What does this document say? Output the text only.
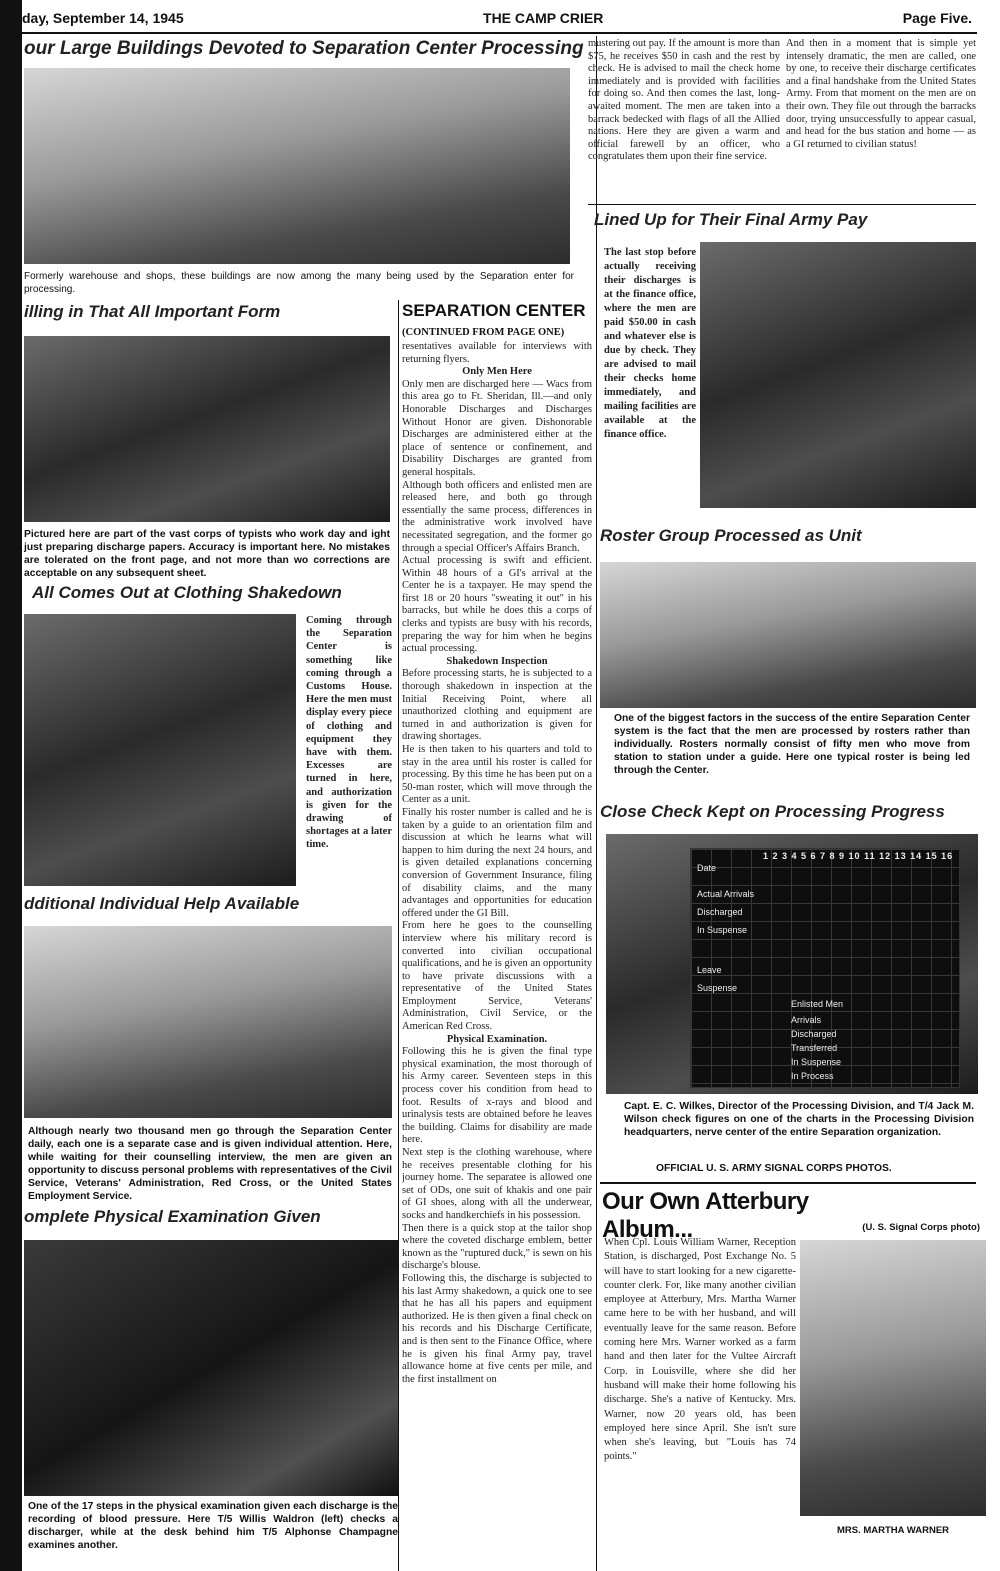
day, September 14, 1945	THE CAMP CRIER	Page Five.
our Large Buildings Devoted to Separation Center Processing
Formerly warehouse and shops, these buildings are now among the many being used by the Separation enter for processing.
illing in That All Important Form
Pictured here are part of the vast corps of typists who work day and ight just preparing discharge papers. Accuracy is important here. No mistakes are tolerated on the front page, and not more than wo corrections are acceptable on any subsequent sheet.
All Comes Out at Clothing Shakedown
Coming through the Separation Center is something like coming through a Customs House. Here the men must display every piece of clothing and equipment they have with them. Excesses are turned in here, and authorization is given for the drawing of shortages at a later time.
dditional Individual Help Available
Although nearly two thousand men go through the Separation Center daily, each one is a separate case and is given individual attention. Here, while waiting for their counselling interview, the men are given an opportunity to discuss personal problems with representatives of the Civil Service, Veterans' Administration, Red Cross, or the United States Employment Service.
omplete Physical Examination Given
One of the 17 steps in the physical examination given each discharge is the recording of blood pressure. Here T/5 Willis Waldron (left) checks a discharger, while at the desk behind him T/5 Alphonse Champagne examines another.
SEPARATION CENTER
(CONTINUED FROM PAGE ONE)

resentatives available for interviews with returning flyers.

Only Men Here

Only men are discharged here — Wacs from this area go to Ft. Sheridan, Ill.—and only Honorable Discharges and Discharges Without Honor are given. Dishonorable Discharges are administered either at the place of sentence or confinement, and Disability Discharges are granted from general hospitals.

Although both officers and enlisted men are released here, and both go through essentially the same process, differences in the administrative work involved have necessitated segregation, and the former go through a special Officer's Affairs Branch.

Actual processing is swift and efficient. Within 48 hours of a GI's arrival at the Center he is a taxpayer. He may spend the first 18 or 20 hours "sweating it out" in his barracks, but while he does this a corps of clerks and typists are busy with his records, preparing the way for him when he begins actual processing.

Shakedown Inspection

Before processing starts, he is subjected to a thorough shakedown in inspection at the Initial Receiving Point, where all unauthorized clothing and equipment are turned in and authorization is given for drawing shortages.

He is then taken to his quarters and told to stay in the area until his roster is called for processing. By this time he has been put on a 50-man roster, which will move through the Center as a unit.

Finally his roster number is called and he is taken by a guide to an orientation film and discussion at which he learns what will happen to him during the next 24 hours, and is given detailed explanations concerning conversion of Government Insurance, filing of disability claims, and the many advantages and opportunities for education offered under the GI Bill.

From here he goes to the counselling interview where his military record is converted into civilian occupational qualifications, and he is given an opportunity to have private discussions with a representative of the United States Employment Service, Veterans' Administration, Civil Service, or the American Red Cross.

Physical Examination.

Following this he is given the final type physical examination, the most thorough of his Army career. Seventeen steps in this process cover his condition from head to foot. Results of x-rays and blood and urinalysis tests are obtained before he leaves the building. Claims for disability are made here.

Next step is the clothing warehouse, where he receives presentable clothing for his journey home. The separatee is allowed one set of ODs, one suit of khakis and one pair of GI shoes, along with all the underwear, socks and handkerchiefs in his possession.

Then there is a quick stop at the tailor shop where the coveted discharge emblem, better known as the "ruptured duck," is sewn on his discharge's blouse.

Following this, the discharge is subjected to his last Army shakedown, a quick one to see that he has all his papers and equipment authorized. He is then given a final check on his records and his Discharge Certificate, and is then sent to the Finance Office, where he is given his final Army pay, travel allowance home at five cents per mile, and the first installment on

mustering out pay. If the amount is more than $75, he receives $50 in cash and the rest by check. He is advised to mail the check home immediately and is provided with facilities for doing so. And then comes the last, long-awaited moment. The men are taken into a barrack bedecked with flags of all the Allied nations. Here they are given a warm and official farewell by an officer, who congratulates them upon their fine service.
And then in a moment that is simple yet intensely dramatic, the men are called, one by one, to receive their discharge certificates and a final handshake from the United States Army. From that moment on the men are on their own. They file out through the barracks door, trying unsuccessfully to appear casual, and head for the bus station and home — as a GI returned to civilian status!
Lined Up for Their Final Army Pay
The last stop before actually receiving their discharges is at the finance office, where the men are paid $50.00 in cash and whatever else is due by check. They are advised to mail their checks home immediately, and mailing facilities are available at the finance office.
Roster Group Processed as Unit
One of the biggest factors in the success of the entire Separation Center system is the fact that the men are processed by rosters rather than individually. Rosters normally consist of fifty men who move from station to station under a guide. Here one typical roster is being led through the Center.
Close Check Kept on Processing Progress
1 2 3 4 5 6 7 8 9 10 11 12 13 14 15 16
Date
Actual Arrivals
Discharged
In Suspense
Leave
Suspense
Enlisted Men
Arrivals
Discharged
Transferred
In Suspense
In Process
Capt. E. C. Wilkes, Director of the Processing Division, and T/4 Jack M. Wilson check figures on one of the charts in the Processing Division headquarters, nerve center of the entire Separation organization.
OFFICIAL U. S. ARMY SIGNAL CORPS PHOTOS.
Our Own Atterbury Album...	(U. S. Signal Corps photo)
When Cpl. Louis William Warner, Reception Station, is discharged, Post Exchange No. 5 will have to start looking for a new cigarette-counter clerk. For, like many another civilian employee at Atterbury, Mrs. Martha Warner came here to be with her husband, and will eventually leave for the same reason. Before coming here Mrs. Warner worked as a farm hand and then later for the Vultee Aircraft Corp. in Louisville, where she did her husband will make their home following his discharge. She's a native of Kentucky. Mrs. Warner, now 20 years old, has been employed here since April. She isn't sure when she's leaving, but "Louis has 74 points."
MRS. MARTHA WARNER
